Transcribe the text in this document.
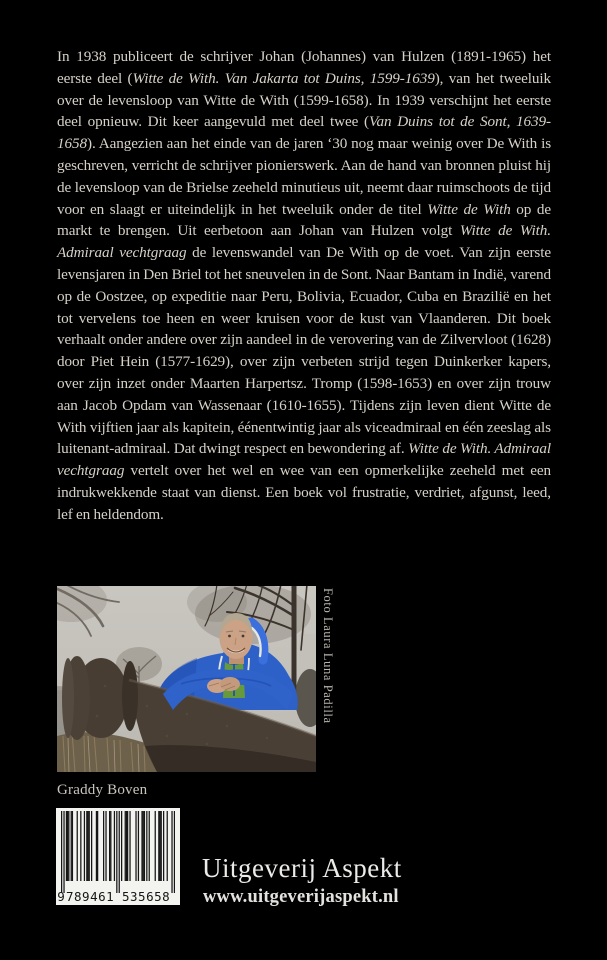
In 1938 publiceert de schrijver Johan (Johannes) van Hulzen (1891-1965) het eerste deel (Witte de With. Van Jakarta tot Duins, 1599-1639), van het tweeluik over de levensloop van Witte de With (1599-1658). In 1939 verschijnt het eerste deel opnieuw. Dit keer aangevuld met deel twee (Van Duins tot de Sont, 1639-1658). Aangezien aan het einde van de jaren ‘30 nog maar weinig over De With is geschreven, verricht de schrijver pionierswerk. Aan de hand van bronnen pluist hij de levensloop van de Brielse zeeheld minutieus uit, neemt daar ruimschoots de tijd voor en slaagt er uiteindelijk in het tweeluik onder de titel Witte de With op de markt te brengen. Uit eerbetoon aan Johan van Hulzen volgt Witte de With. Admiraal vechtgraag de levenswandel van De With op de voet. Van zijn eerste levensjaren in Den Briel tot het sneuvelen in de Sont. Naar Bantam in Indië, varend op de Oostzee, op expeditie naar Peru, Bolivia, Ecuador, Cuba en Brazilië en het tot vervelens toe heen en weer kruisen voor de kust van Vlaanderen. Dit boek verhaalt onder andere over zijn aandeel in de verovering van de Zilvervloot (1628) door Piet Hein (1577-1629), over zijn verbeten strijd tegen Duinkerker kapers, over zijn inzet onder Maarten Harpertsz. Tromp (1598-1653) en over zijn trouw aan Jacob Opdam van Wassenaar (1610-1655). Tijdens zijn leven dient Witte de With vijftien jaar als kapitein, éénentwintig jaar als viceadmiraal en één zeeslag als luitenant-admiraal. Dat dwingt respect en bewondering af. Witte de With. Admiraal vechtgraag vertelt over het wel en wee van een opmerkelijke zeeheld met een indrukwekkende staat van dienst. Een boek vol frustratie, verdriet, afgunst, leed, lef en heldendom.

Foto Laura Luna Padilla
Graddy Boven
9 789461 535658
Uitgeverij Aspekt
www.uitgeverijaspekt.nl
